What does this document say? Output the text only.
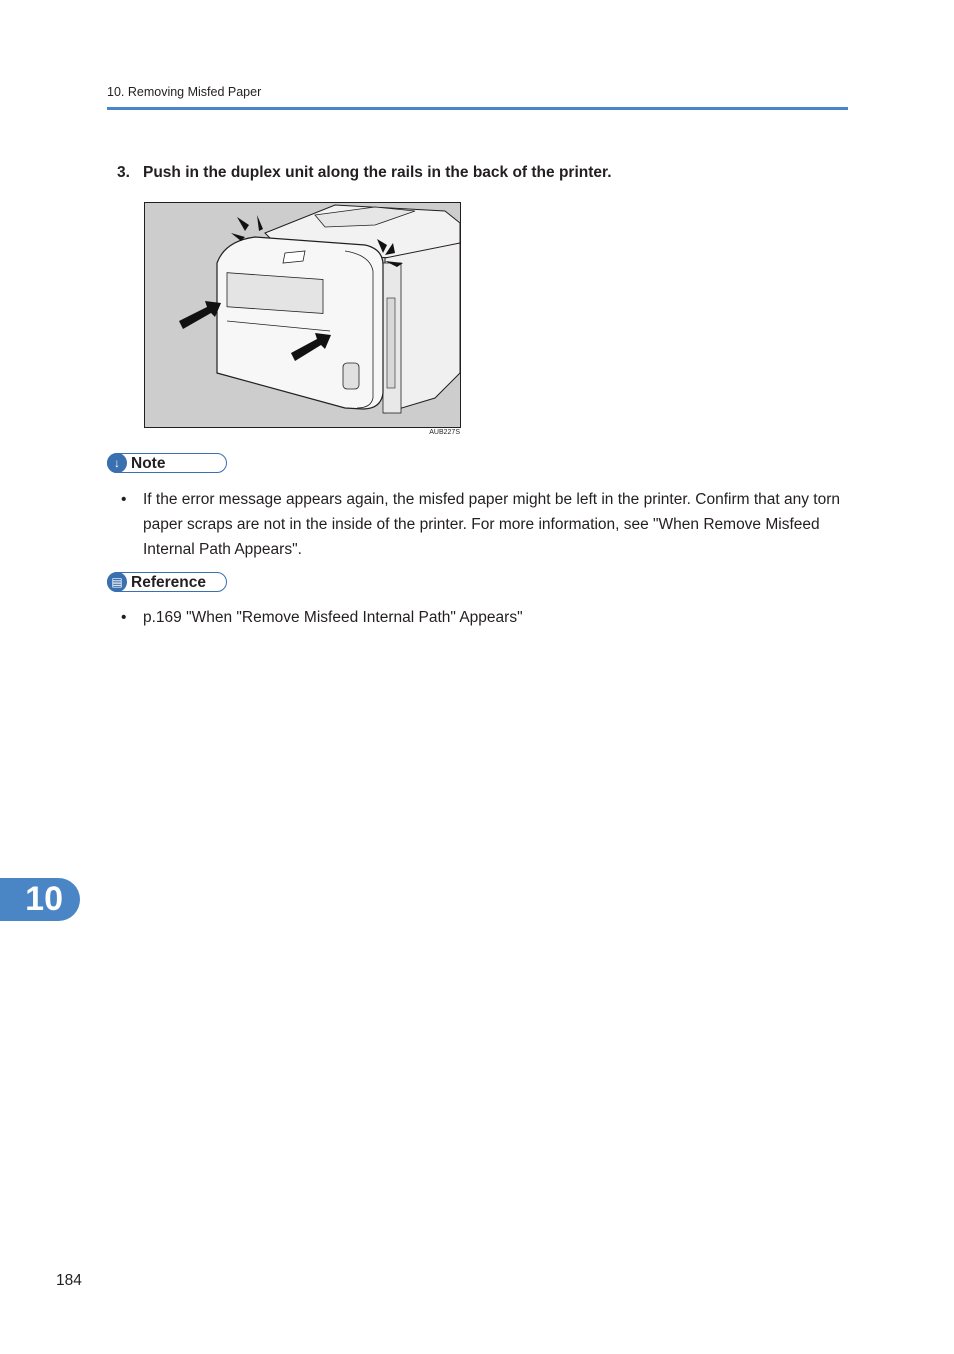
10. Removing Misfed Paper
3. Push in the duplex unit along the rails in the back of the printer.
AUB227S
↓ Note
• If the error message appears again, the misfed paper might be left in the printer. Confirm that any torn paper scraps are not in the inside of the printer. For more information, see "When Remove Misfeed Internal Path Appears".
▤ Reference
• p.169 "When "Remove Misfeed Internal Path" Appears"
10
184
